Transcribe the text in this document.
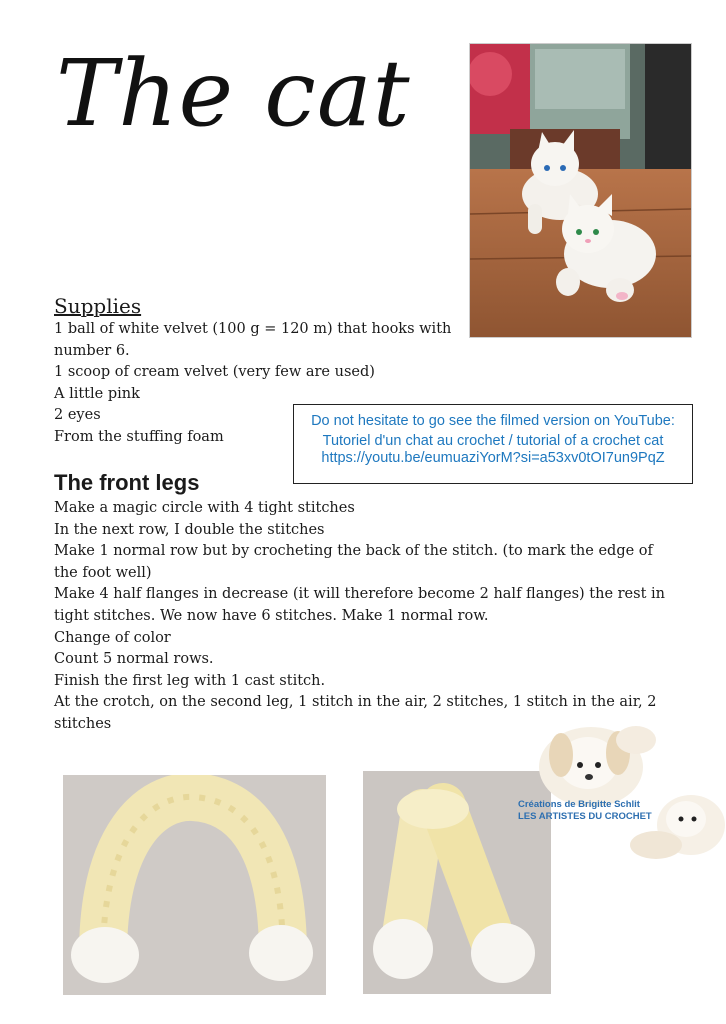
The cat
Supplies
1 ball of white velvet (100 g = 120 m) that hooks with number 6.
1 scoop of cream velvet (very few are used)
A little pink
2 eyes
From the stuffing foam
Do not hesitate to go see the filmed version on YouTube:
Tutoriel d'un chat au crochet / tutorial of a crochet cat
https://youtu.be/eumuaziYorM?si=a53xv0tOI7un9PqZ
The front legs
Make a magic circle with 4 tight stitches
In the next row, I double the stitches
Make 1 normal row but by crocheting the back of the stitch. (to mark the edge of the foot well)
Make 4 half flanges in decrease (it will therefore become 2 half flanges) the rest in tight stitches. We now have 6 stitches. Make 1 normal row.
Change of color
Count 5 normal rows.
Finish the first leg with 1 cast stitch.
At the crotch, on the second leg, 1 stitch in the air, 2 stitches, 1 stitch in the air, 2 stitches
Créations de Brigitte Schlit
LES ARTISTES DU CROCHET
